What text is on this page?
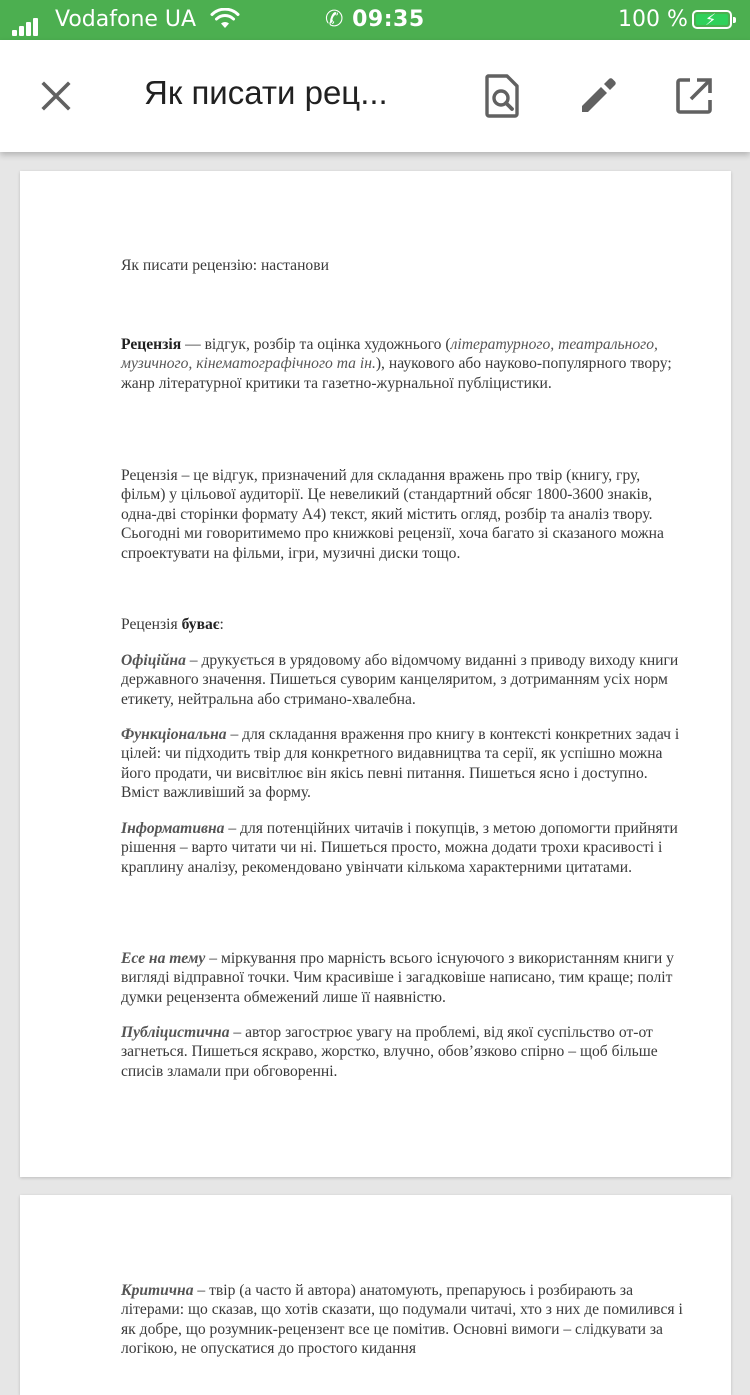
Vodafone UA	✆ 09:35	100 % ⚡
Як писати рец...

Як писати рецензію: настанови

Рецензія — відгук, розбір та оцінка художнього (літературного, театрального, музичного, кінематографічного та ін.), наукового або науково-популярного твору; жанр літературної критики та газетно-журнальної публіцистики.

Рецензія – це відгук, призначений для складання вражень про твір (книгу, гру, фільм) у цільової аудиторії. Це невеликий (стандартний обсяг 1800-3600 знаків, одна-дві сторінки формату А4) текст, який містить огляд, розбір та аналіз твору. Сьогодні ми говоритимемо про книжкові рецензії, хоча багато зі сказаного можна спроектувати на фільми, ігри, музичні диски тощо.

Рецензія буває:

Офіційна – друкується в урядовому або відомчому виданні з приводу виходу книги державного значення. Пишеться суворим канцеляритом, з дотриманням усіх норм етикету, нейтральна або стримано-хвалебна.

Функціональна – для складання враження про книгу в контексті конкретних задач і цілей: чи підходить твір для конкретного видавництва та серії, як успішно можна його продати, чи висвітлює він якісь певні питання. Пишеться ясно і доступно. Вміст важливіший за форму.

Інформативна – для потенційних читачів і покупців, з метою допомогти прийняти рішення – варто читати чи ні. Пишеться просто, можна додати трохи красивості і краплину аналізу, рекомендовано увінчати кількома характерними цитатами.

Есе на тему – міркування про марність всього існуючого з використанням книги у вигляді відправної точки. Чим красивіше і загадковіше написано, тим краще; політ думки рецензента обмежений лише її наявністю.

Публіцистична – автор загострює увагу на проблемі, від якої суспільство от-от загнеться. Пишеться яскраво, жорстко, влучно, обов’язково спірно – щоб більше списів зламали при обговоренні.

Критична – твір (а часто й автора) анатомують, препаруюсь і розбирають за літерами: що сказав, що хотів сказати, що подумали читачі, хто з них де помилився і як добре, що розумник-рецензент все це помітив. Основні вимоги – слідкувати за логікою, не опускатися до простого кидання
